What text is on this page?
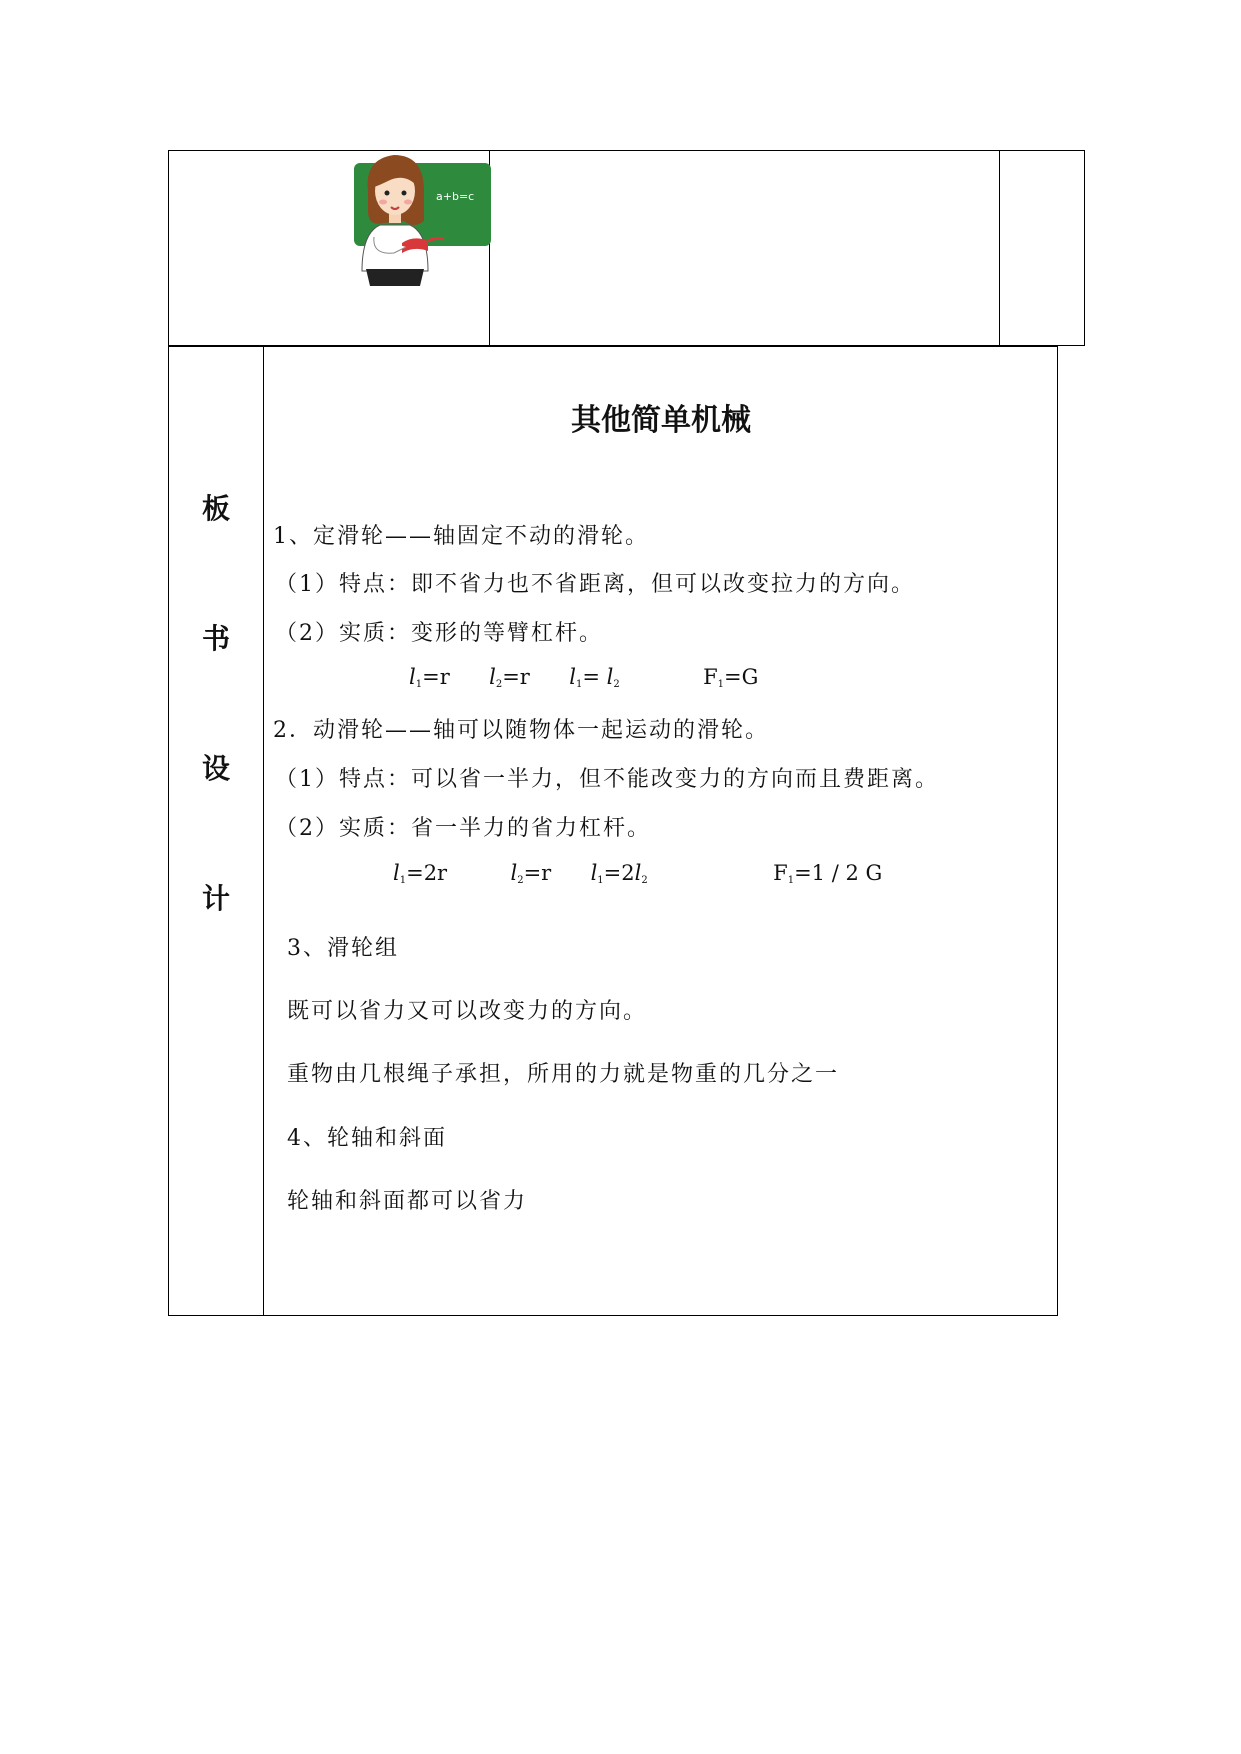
a+b=c
板
书
设
计
其他简单机械
1、定滑轮——轴固定不动的滑轮。
（1）特点：即不省力也不省距离，但可以改变拉力的方向。
（2）实质：变形的等臂杠杆。
$l_1=r$ $l_2=r$ $l_1= l_2$	$F_1=G$
2．动滑轮——轴可以随物体一起运动的滑轮。
（1）特点：可以省一半力，但不能改变力的方向而且费距离。
（2）实质：省一半力的省力杠杆。
$l_1=2r$	$l_2=r$ $l_1=2l_2$	$F_1=1 / 2$ G
3、滑轮组
既可以省力又可以改变力的方向。
重物由几根绳子承担，所用的力就是物重的几分之一
4、轮轴和斜面
轮轴和斜面都可以省力
